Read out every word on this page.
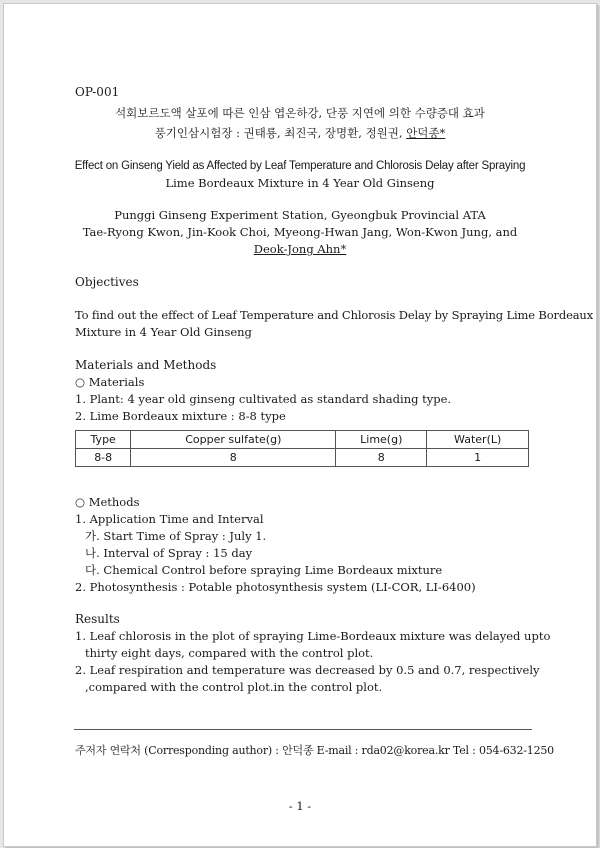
OP-001
석회보르도액 살포에 따른 인삼 엽온하강, 단풍 지연에 의한 수량증대 효과
풍기인삼시험장 : 권태룡, 최진국, 장명환, 정원권, 안덕종*
Effect on Ginseng Yield as Affected by Leaf Temperature and Chlorosis Delay after Spraying
Lime Bordeaux Mixture in 4 Year Old Ginseng
Punggi Ginseng Experiment Station, Gyeongbuk Provincial ATA
Tae-Ryong Kwon, Jin-Kook Choi, Myeong-Hwan Jang, Won-Kwon Jung, and
Deok-Jong Ahn*
Objectives
To find out the effect of Leaf Temperature and Chlorosis Delay by Spraying Lime Bordeaux
Mixture in 4 Year Old Ginseng
Materials and Methods
○ Materials
1. Plant: 4 year old ginseng cultivated as standard shading type.
2. Lime Bordeaux mixture : 8-8 type
Type	Copper sulfate(g)	Lime(g)	Water(L)
8-8	8	8	1
○ Methods
1. Application Time and Interval
가. Start Time of Spray : July 1.
나. Interval of Spray : 15 day
다. Chemical Control before spraying Lime Bordeaux mixture
2. Photosynthesis : Potable photosynthesis system (LI-COR, LI-6400)
Results
1. Leaf chlorosis in the plot of spraying Lime-Bordeaux mixture was delayed upto
thirty eight days, compared with the control plot.
2. Leaf respiration and temperature was decreased by 0.5 and 0.7, respectively
,compared with the control plot.in the control plot.
주저자 연락처 (Corresponding author) : 안덕종 E-mail : rda02@korea.kr Tel : 054-632-1250
- 1 -
